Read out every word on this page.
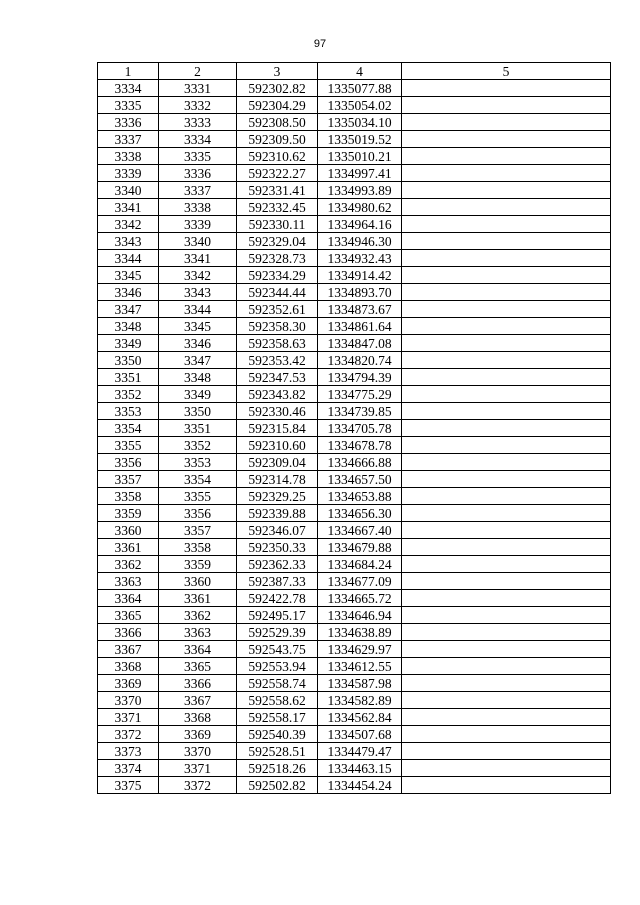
97
1	2	3	4	5
3334	3331	592302.82	1335077.88	
3335	3332	592304.29	1335054.02	
3336	3333	592308.50	1335034.10	
3337	3334	592309.50	1335019.52	
3338	3335	592310.62	1335010.21	
3339	3336	592322.27	1334997.41	
3340	3337	592331.41	1334993.89	
3341	3338	592332.45	1334980.62	
3342	3339	592330.11	1334964.16	
3343	3340	592329.04	1334946.30	
3344	3341	592328.73	1334932.43	
3345	3342	592334.29	1334914.42	
3346	3343	592344.44	1334893.70	
3347	3344	592352.61	1334873.67	
3348	3345	592358.30	1334861.64	
3349	3346	592358.63	1334847.08	
3350	3347	592353.42	1334820.74	
3351	3348	592347.53	1334794.39	
3352	3349	592343.82	1334775.29	
3353	3350	592330.46	1334739.85	
3354	3351	592315.84	1334705.78	
3355	3352	592310.60	1334678.78	
3356	3353	592309.04	1334666.88	
3357	3354	592314.78	1334657.50	
3358	3355	592329.25	1334653.88	
3359	3356	592339.88	1334656.30	
3360	3357	592346.07	1334667.40	
3361	3358	592350.33	1334679.88	
3362	3359	592362.33	1334684.24	
3363	3360	592387.33	1334677.09	
3364	3361	592422.78	1334665.72	
3365	3362	592495.17	1334646.94	
3366	3363	592529.39	1334638.89	
3367	3364	592543.75	1334629.97	
3368	3365	592553.94	1334612.55	
3369	3366	592558.74	1334587.98	
3370	3367	592558.62	1334582.89	
3371	3368	592558.17	1334562.84	
3372	3369	592540.39	1334507.68	
3373	3370	592528.51	1334479.47	
3374	3371	592518.26	1334463.15	
3375	3372	592502.82	1334454.24	
